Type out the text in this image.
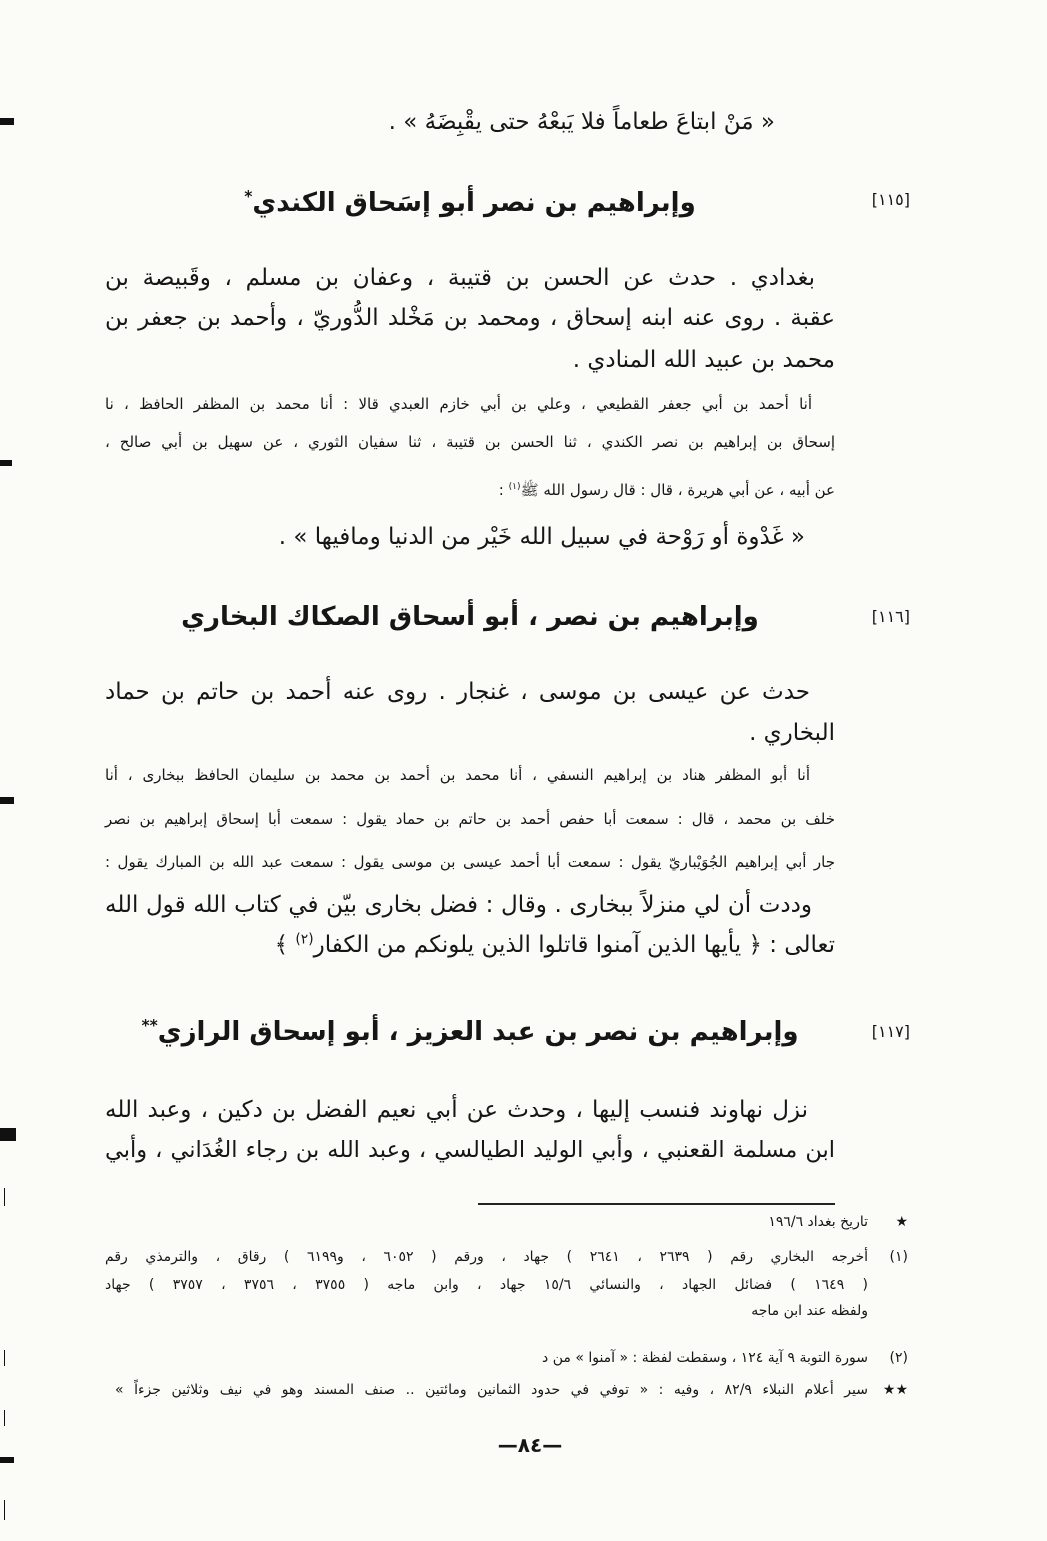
« مَنْ ابتاعَ طعاماً فلا يَبعْهُ حتى يقْبِضَهُ » .
[١١٥]
وإبراهيم بن نصر أبو إسَحاق الكندي*
بغدادي . حدث عن الحسن بن قتيبة ، وعفان بن مسلم ، وقَبيصة بن
عقبة . روى عنه ابنه إسحاق ، ومحمد بن مَخْلد الدُّوريّ ، وأحمد بن جعفر بن
محمد بن عبيد الله المنادي .
أنا أحمد بن أبي جعفر القطيعي ، وعلي بن أبي خازم العبدي قالا : أنا محمد بن المظفر الحافظ ، نا
إسحاق بن إبراهيم بن نصر الكندي ، ثنا الحسن بن قتيبة ، ثنا سفيان الثوري ، عن سهيل بن أبي صالح ،
عن أبيه ، عن أبي هريرة ، قال : قال رسول الله ﷺ$^{(١)}$ :
« غَدْوة أو رَوْحة في سبيل الله خَيْر من الدنيا ومافيها » .
[١١٦]
وإبراهيم بن نصر ، أبو أسحاق الصكاك البخاري
حدث عن عيسى بن موسى ، غنجار . روى عنه أحمد بن حاتم بن حماد
البخاري .
أنا أبو المظفر هناد بن إبراهيم النسفي ، أنا محمد بن أحمد بن محمد بن سليمان الحافظ ببخارى ، أنا
خلف بن محمد ، قال : سمعت أبا حفص أحمد بن حاتم بن حماد يقول : سمعت أبا إسحاق إبراهيم بن نصر
جار أبي إبراهيم الجُوَيْباريّ يقول : سمعت أبا أحمد عيسى بن موسى يقول : سمعت عبد الله بن المبارك يقول :
وددت أن لي منزلاً ببخارى . وقال : فضل بخارى بيّن في كتاب الله قول الله
تعالى : ﴿ يأيها الذين آمنوا قاتلوا الذين يلونكم من الكفار$^{(٢)}$ ﴾
[١١٧]
وإبراهيم بن نصر بن عبد العزيز ، أبو إسحاق الرازي**
نزل نهاوند فنسب إليها ، وحدث عن أبي نعيم الفضل بن دكين ، وعبد الله
ابن مسلمة القعنبي ، وأبي الوليد الطيالسي ، وعبد الله بن رجاء الغُدَاني ، وأبي
★
تاريخ بغداد ١٩٦/٦
(١)
أخرجه البخاري رقم ( ٢٦٣٩ ، ٢٦٤١ ) جهاد ، ورقم ( ٦٠٥٢ ، و٦١٩٩ ) رقاق ، والترمذي رقم
( ١٦٤٩ ) فضائل الجهاد ، والنسائي ١٥/٦ جهاد ، وابن ماجه ( ٣٧٥٥ ، ٣٧٥٦ ، ٣٧٥٧ ) جهاد
ولفظه عند ابن ماجه
(٢)
سورة التوبة ٩ آية ١٢٤ ، وسقطت لفظة : « آمنوا » من د
★★
سير أعلام النبلاء ٨٢/٩ ، وفيه : « توفي في حدود الثمانين ومائتين .. صنف المسند وهو في نيف وثلاثين جزءاً »
—٨٤—
